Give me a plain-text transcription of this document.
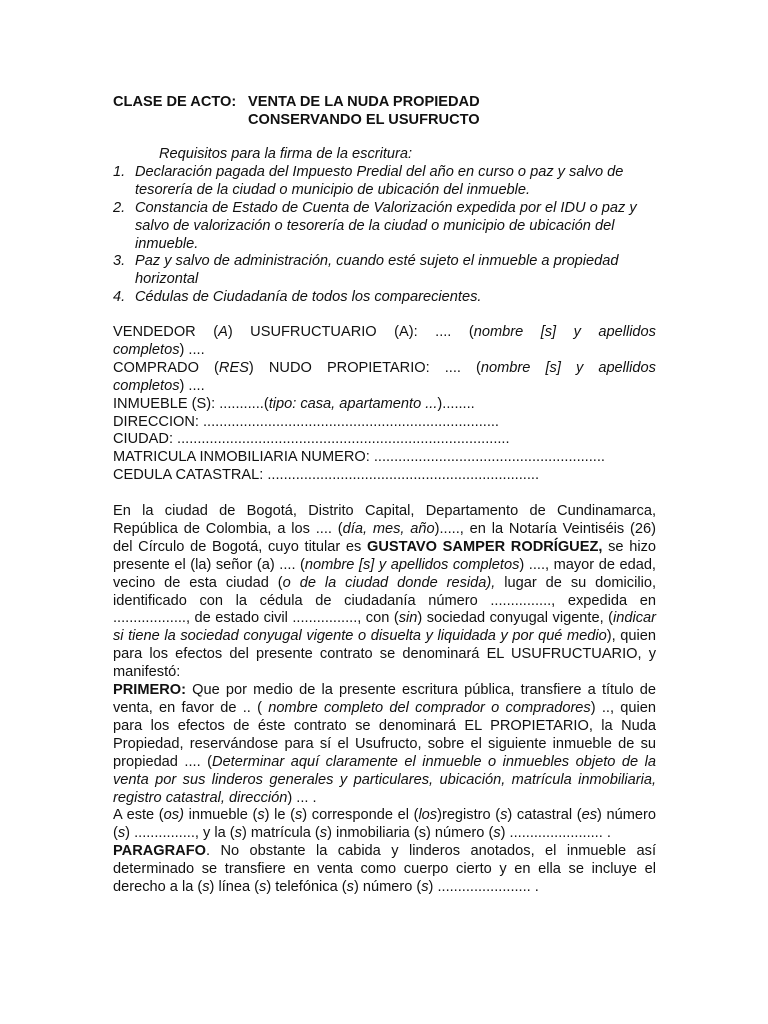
CLASE DE ACTO: VENTA DE LA NUDA PROPIEDAD
CONSERVANDO EL USUFRUCTO
Requisitos para la firma de la escritura:
1. Declaración pagada del Impuesto Predial del año en curso o paz y salvo de tesorería de la ciudad o municipio de ubicación del inmueble.
2. Constancia de Estado de Cuenta de Valorización expedida por el IDU o paz y salvo de valorización o tesorería de la ciudad o municipio de ubicación del inmueble.
3. Paz y salvo de administración, cuando esté sujeto el inmueble a propiedad horizontal
4. Cédulas de Ciudadanía de todos los comparecientes.
VENDEDOR (A) USUFRUCTUARIO (A): .... (nombre [s] y apellidos
completos) ....
COMPRADO (RES) NUDO PROPIETARIO: .... (nombre [s] y apellidos
completos) ....
INMUEBLE (S): ...........(tipo: casa, apartamento ...)........
DIRECCION: .........................................................................
CIUDAD: ..................................................................................
MATRICULA INMOBILIARIA NUMERO: .........................................................
CEDULA CATASTRAL: ...................................................................

En la ciudad de Bogotá, Distrito Capital, Departamento de Cundinamarca, República de Colombia, a los .... (día, mes, año)....., en la Notaría Veintiséis (26) del Círculo de Bogotá, cuyo titular es GUSTAVO SAMPER RODRÍGUEZ, se hizo presente el (la) señor (a) .... (nombre [s] y apellidos completos) ...., mayor de edad, vecino de esta ciudad (o de la ciudad donde resida), lugar de su domicilio, identificado con la cédula de ciudadanía número ..............., expedida en .................., de estado civil ................, con (sin) sociedad conyugal vigente, (indicar si tiene la sociedad conyugal vigente o disuelta y liquidada y por qué medio), quien para los efectos del presente contrato se denominará EL USUFRUCTUARIO, y manifestó:

PRIMERO: Que por medio de la presente escritura pública, transfiere a título de venta, en favor de .. ( nombre completo del comprador o compradores) .., quien para los efectos de éste contrato se denominará EL PROPIETARIO, la Nuda Propiedad, reservándose para sí el Usufructo, sobre el siguiente inmueble de su propiedad .... (Determinar aquí claramente el inmueble o inmuebles objeto de la venta por sus linderos generales y particulares, ubicación, matrícula inmobiliaria, registro catastral, dirección) ... .

A este (os) inmueble (s) le (s) corresponde el (los)registro (s) catastral (es) número (s) ..............., y la (s) matrícula (s) inmobiliaria (s) número (s) ....................... .

PARAGRAFO. No obstante la cabida y linderos anotados, el inmueble así determinado se transfiere en venta como cuerpo cierto y en ella se incluye el derecho a la (s) línea (s) telefónica (s) número (s) ....................... .
